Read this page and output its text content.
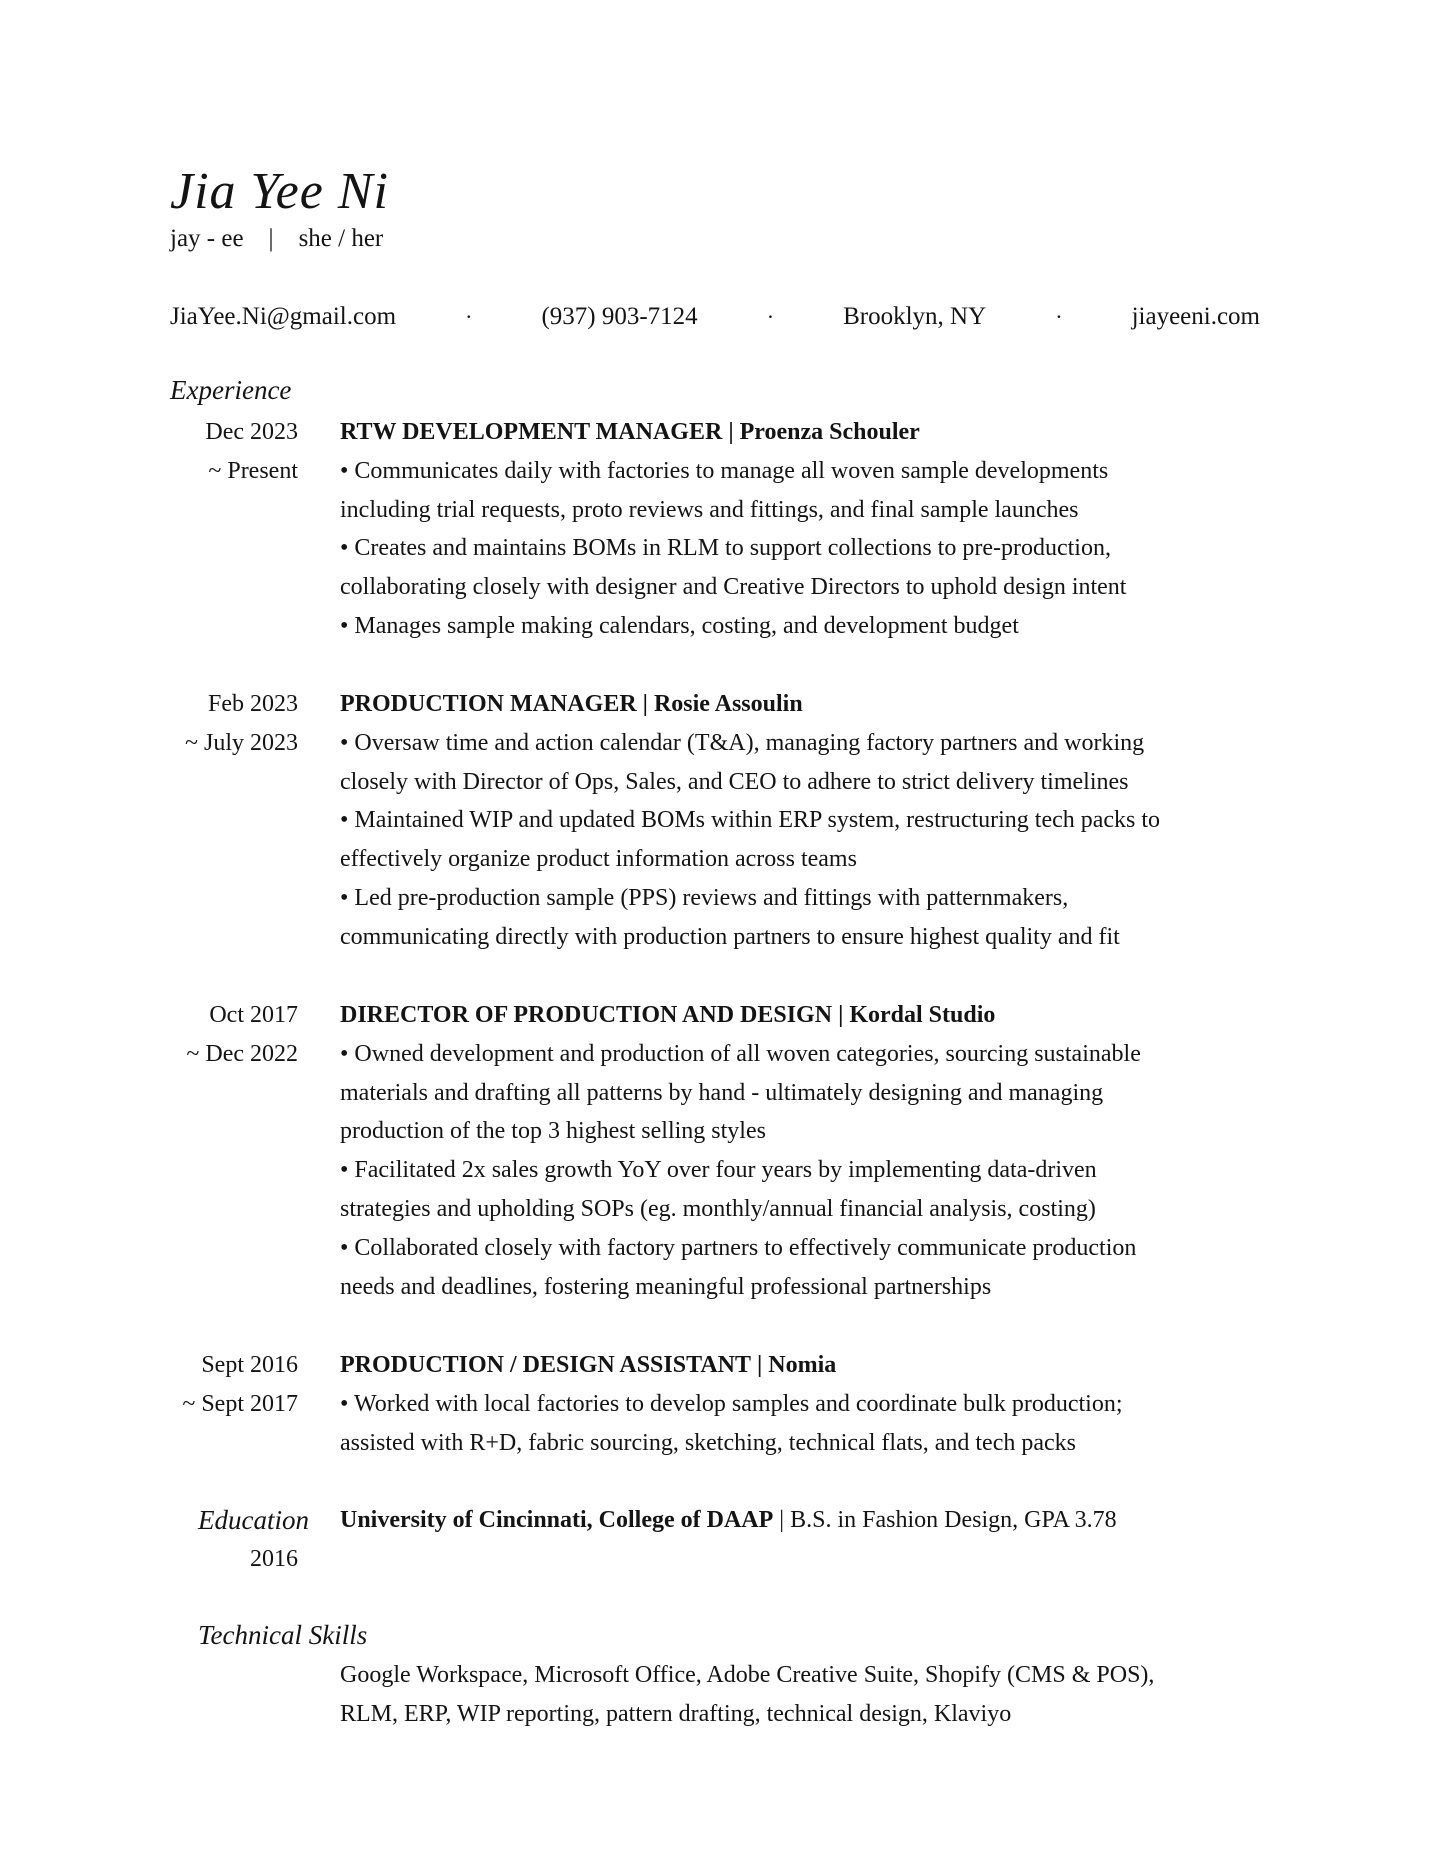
Jia Yee Ni
jay - ee    |    she / her
JiaYee.Ni@gmail.com	·	(937) 903-7124	·	Brooklyn, NY	·	jiayeeni.com
Experience
Dec 2023
~ Present
RTW DEVELOPMENT MANAGER | Proenza Schouler
• Communicates daily with factories to manage all woven sample developments
including trial requests, proto reviews and fittings, and final sample launches
• Creates and maintains BOMs in RLM to support collections to pre-production,
collaborating closely with designer and Creative Directors to uphold design intent
• Manages sample making calendars, costing, and development budget
Feb 2023
~ July 2023
PRODUCTION MANAGER | Rosie Assoulin
• Oversaw time and action calendar (T&A), managing factory partners and working
closely with Director of Ops, Sales, and CEO to adhere to strict delivery timelines
• Maintained WIP and updated BOMs within ERP system, restructuring tech packs to
effectively organize product information across teams
• Led pre-production sample (PPS) reviews and fittings with patternmakers,
communicating directly with production partners to ensure highest quality and fit
Oct 2017
~ Dec 2022
DIRECTOR OF PRODUCTION AND DESIGN | Kordal Studio
• Owned development and production of all woven categories, sourcing sustainable
materials and drafting all patterns by hand - ultimately designing and managing
production of the top 3 highest selling styles
• Facilitated 2x sales growth YoY over four years by implementing data-driven
strategies and upholding SOPs (eg. monthly/annual financial analysis, costing)
• Collaborated closely with factory partners to effectively communicate production
needs and deadlines, fostering meaningful professional partnerships
Sept 2016
~ Sept 2017
PRODUCTION / DESIGN ASSISTANT | Nomia
• Worked with local factories to develop samples and coordinate bulk production;
assisted with R+D, fabric sourcing, sketching, technical flats, and tech packs
Education
2016
University of Cincinnati, College of DAAP | B.S. in Fashion Design, GPA 3.78
Technical Skills
Google Workspace, Microsoft Office, Adobe Creative Suite, Shopify (CMS & POS),
RLM, ERP, WIP reporting, pattern drafting, technical design, Klaviyo
